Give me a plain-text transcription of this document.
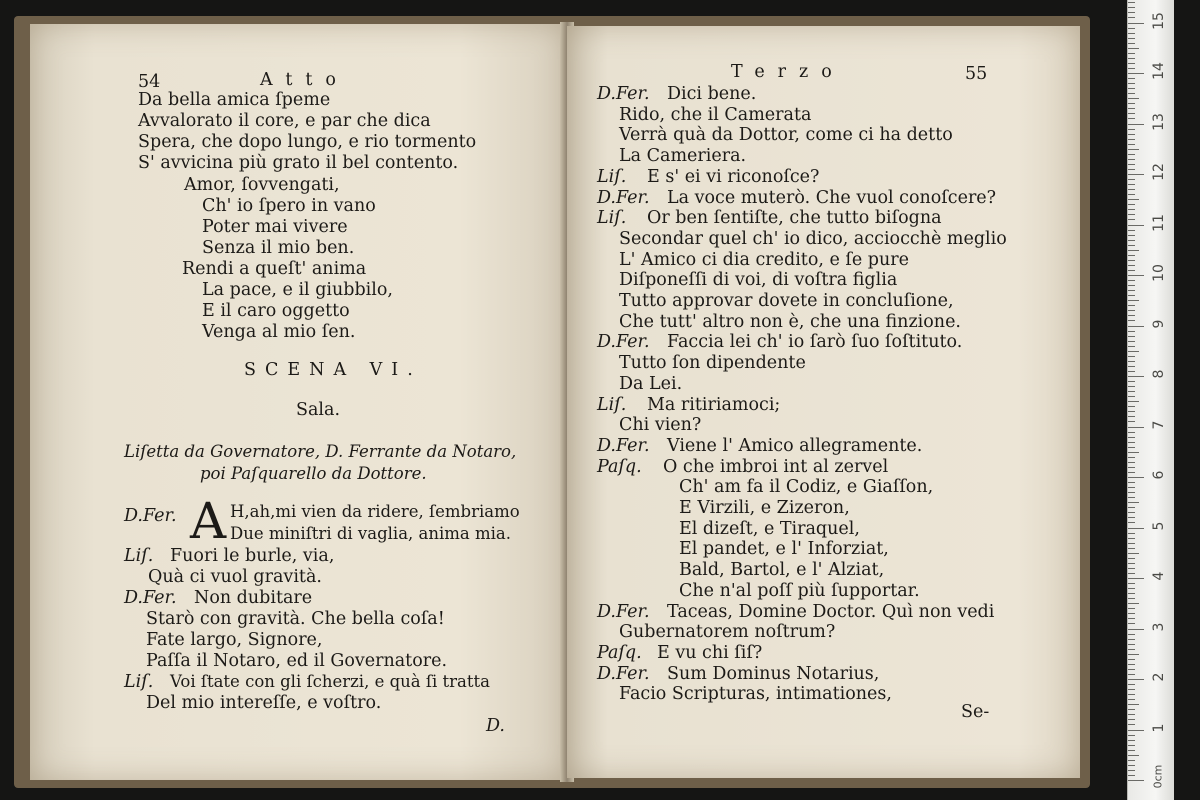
54	Atto
Da bella amica ſpeme
Avvalorato il core, e par che dica
Spera, che dopo lungo, e rio tormento
S' avvicina più grato il bel contento.
Amor, ſovvengati,
Ch' io ſpero in vano
Poter mai vivere
Senza il mio ben.
Rendi a queſt' anima
La pace, e il giubbilo,
E il caro oggetto
Venga al mio ſen.
SCENA VI.
Sala.
Liſetta da Governatore, D. Ferrante da Notaro,
poi Paſquarello da Dottore.
A
D.Fer.	H,ah,mi vien da ridere, ſembriamo
Due miniſtri di vaglia, anima mia.
Liſ. Fuori le burle, via,
Quà ci vuol gravità.
D.Fer. Non dubitare
Starò con gravità. Che bella coſa!
Fate largo, Signore,
Paſſa il Notaro, ed il Governatore.
Liſ. Voi ſtate con gli ſcherzi, e quà ſi tratta
Del mio intereſſe, e voſtro.
D.
Terzo	55
Se-
D.Fer. Dici bene.
Rido, che il Camerata
Verrà quà da Dottor, come ci ha detto
La Cameriera.
Liſ. E s' ei vi riconoſce?
D.Fer. La voce muterò. Che vuol conoſcere?
Liſ. Or ben ſentiſte, che tutto biſogna
Secondar quel ch' io dico, acciocchè meglio
L' Amico ci dia credito, e ſe pure
Diſponeſſi di voi, di voſtra figlia
Tutto approvar dovete in concluſione,
Che tutt' altro non è, che una finzione.
D.Fer. Faccia lei ch' io ſarò ſuo ſoſtituto.
Tutto ſon dipendente
Da Lei.
Liſ. Ma ritiriamoci;
Chi vien?
D.Fer. Viene l' Amico allegramente.
Paſq. O che imbroi int al zervel
Ch' am fa il Codiz, e Giaſſon,
E Virzili, e Zizeron,
El dizeſt, e Tiraquel,
El pandet, e l' Inforziat,
Bald, Bartol, e l' Alziat,
Che n'al poſſ più ſupportar.
D.Fer. Taceas, Domine Doctor. Quì non vedi
Gubernatorem noſtrum?
Paſq. E vu chi ſiſ?
D.Fer. Sum Dominus Notarius,
Facio Scripturas, intimationes,
1
2
3
4
5
6
7
8
9
10
11
12
13
14
15
0cm
